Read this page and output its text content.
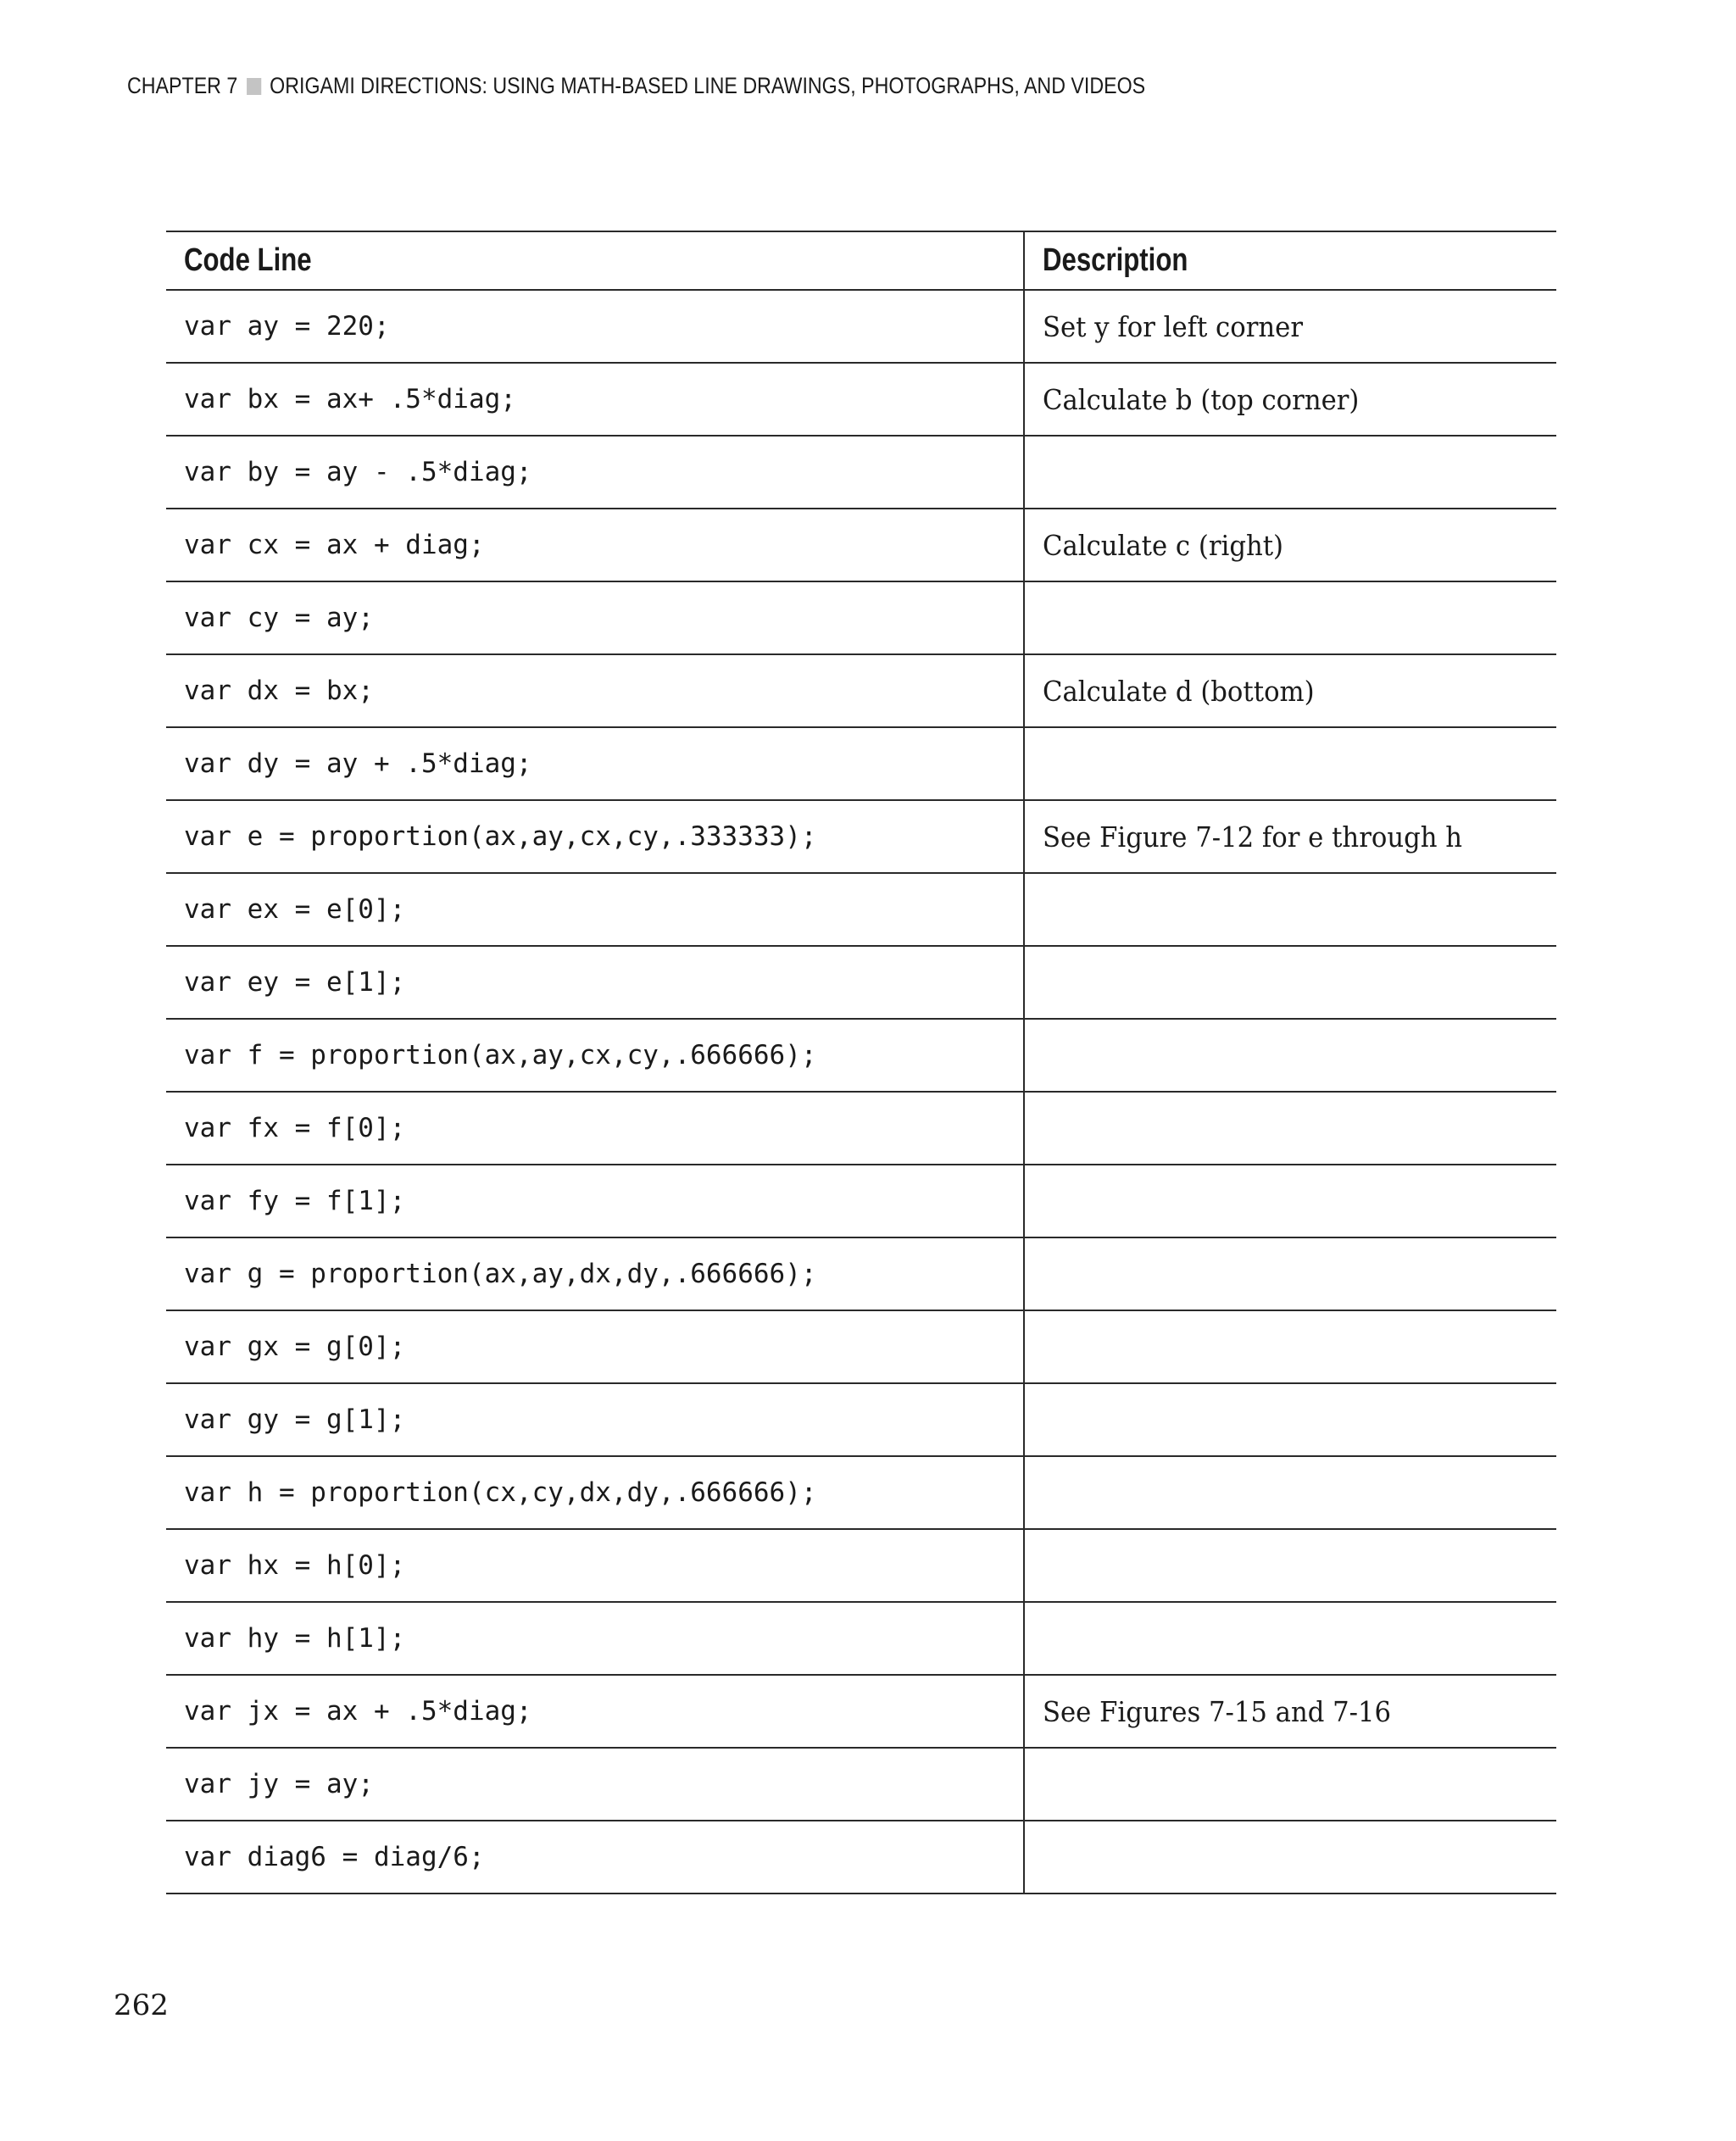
CHAPTER 7 ORIGAMI DIRECTIONS: USING MATH-BASED LINE DRAWINGS, PHOTOGRAPHS, AND VIDEOS
Code Line	Description
var ay = 220;	Set y for left corner
var bx = ax+ .5*diag;	Calculate b (top corner)
var by = ay - .5*diag;	
var cx = ax + diag;	Calculate c (right)
var cy = ay;	
var dx = bx;	Calculate d (bottom)
var dy = ay + .5*diag;	
var e = proportion(ax,ay,cx,cy,.333333);	See Figure 7-12 for e through h
var ex = e[0];	
var ey = e[1];	
var f = proportion(ax,ay,cx,cy,.666666);	
var fx = f[0];	
var fy = f[1];	
var g = proportion(ax,ay,dx,dy,.666666);	
var gx = g[0];	
var gy = g[1];	
var h = proportion(cx,cy,dx,dy,.666666);	
var hx = h[0];	
var hy = h[1];	
var jx = ax + .5*diag;	See Figures 7-15 and 7-16
var jy = ay;	
var diag6 = diag/6;	
262
